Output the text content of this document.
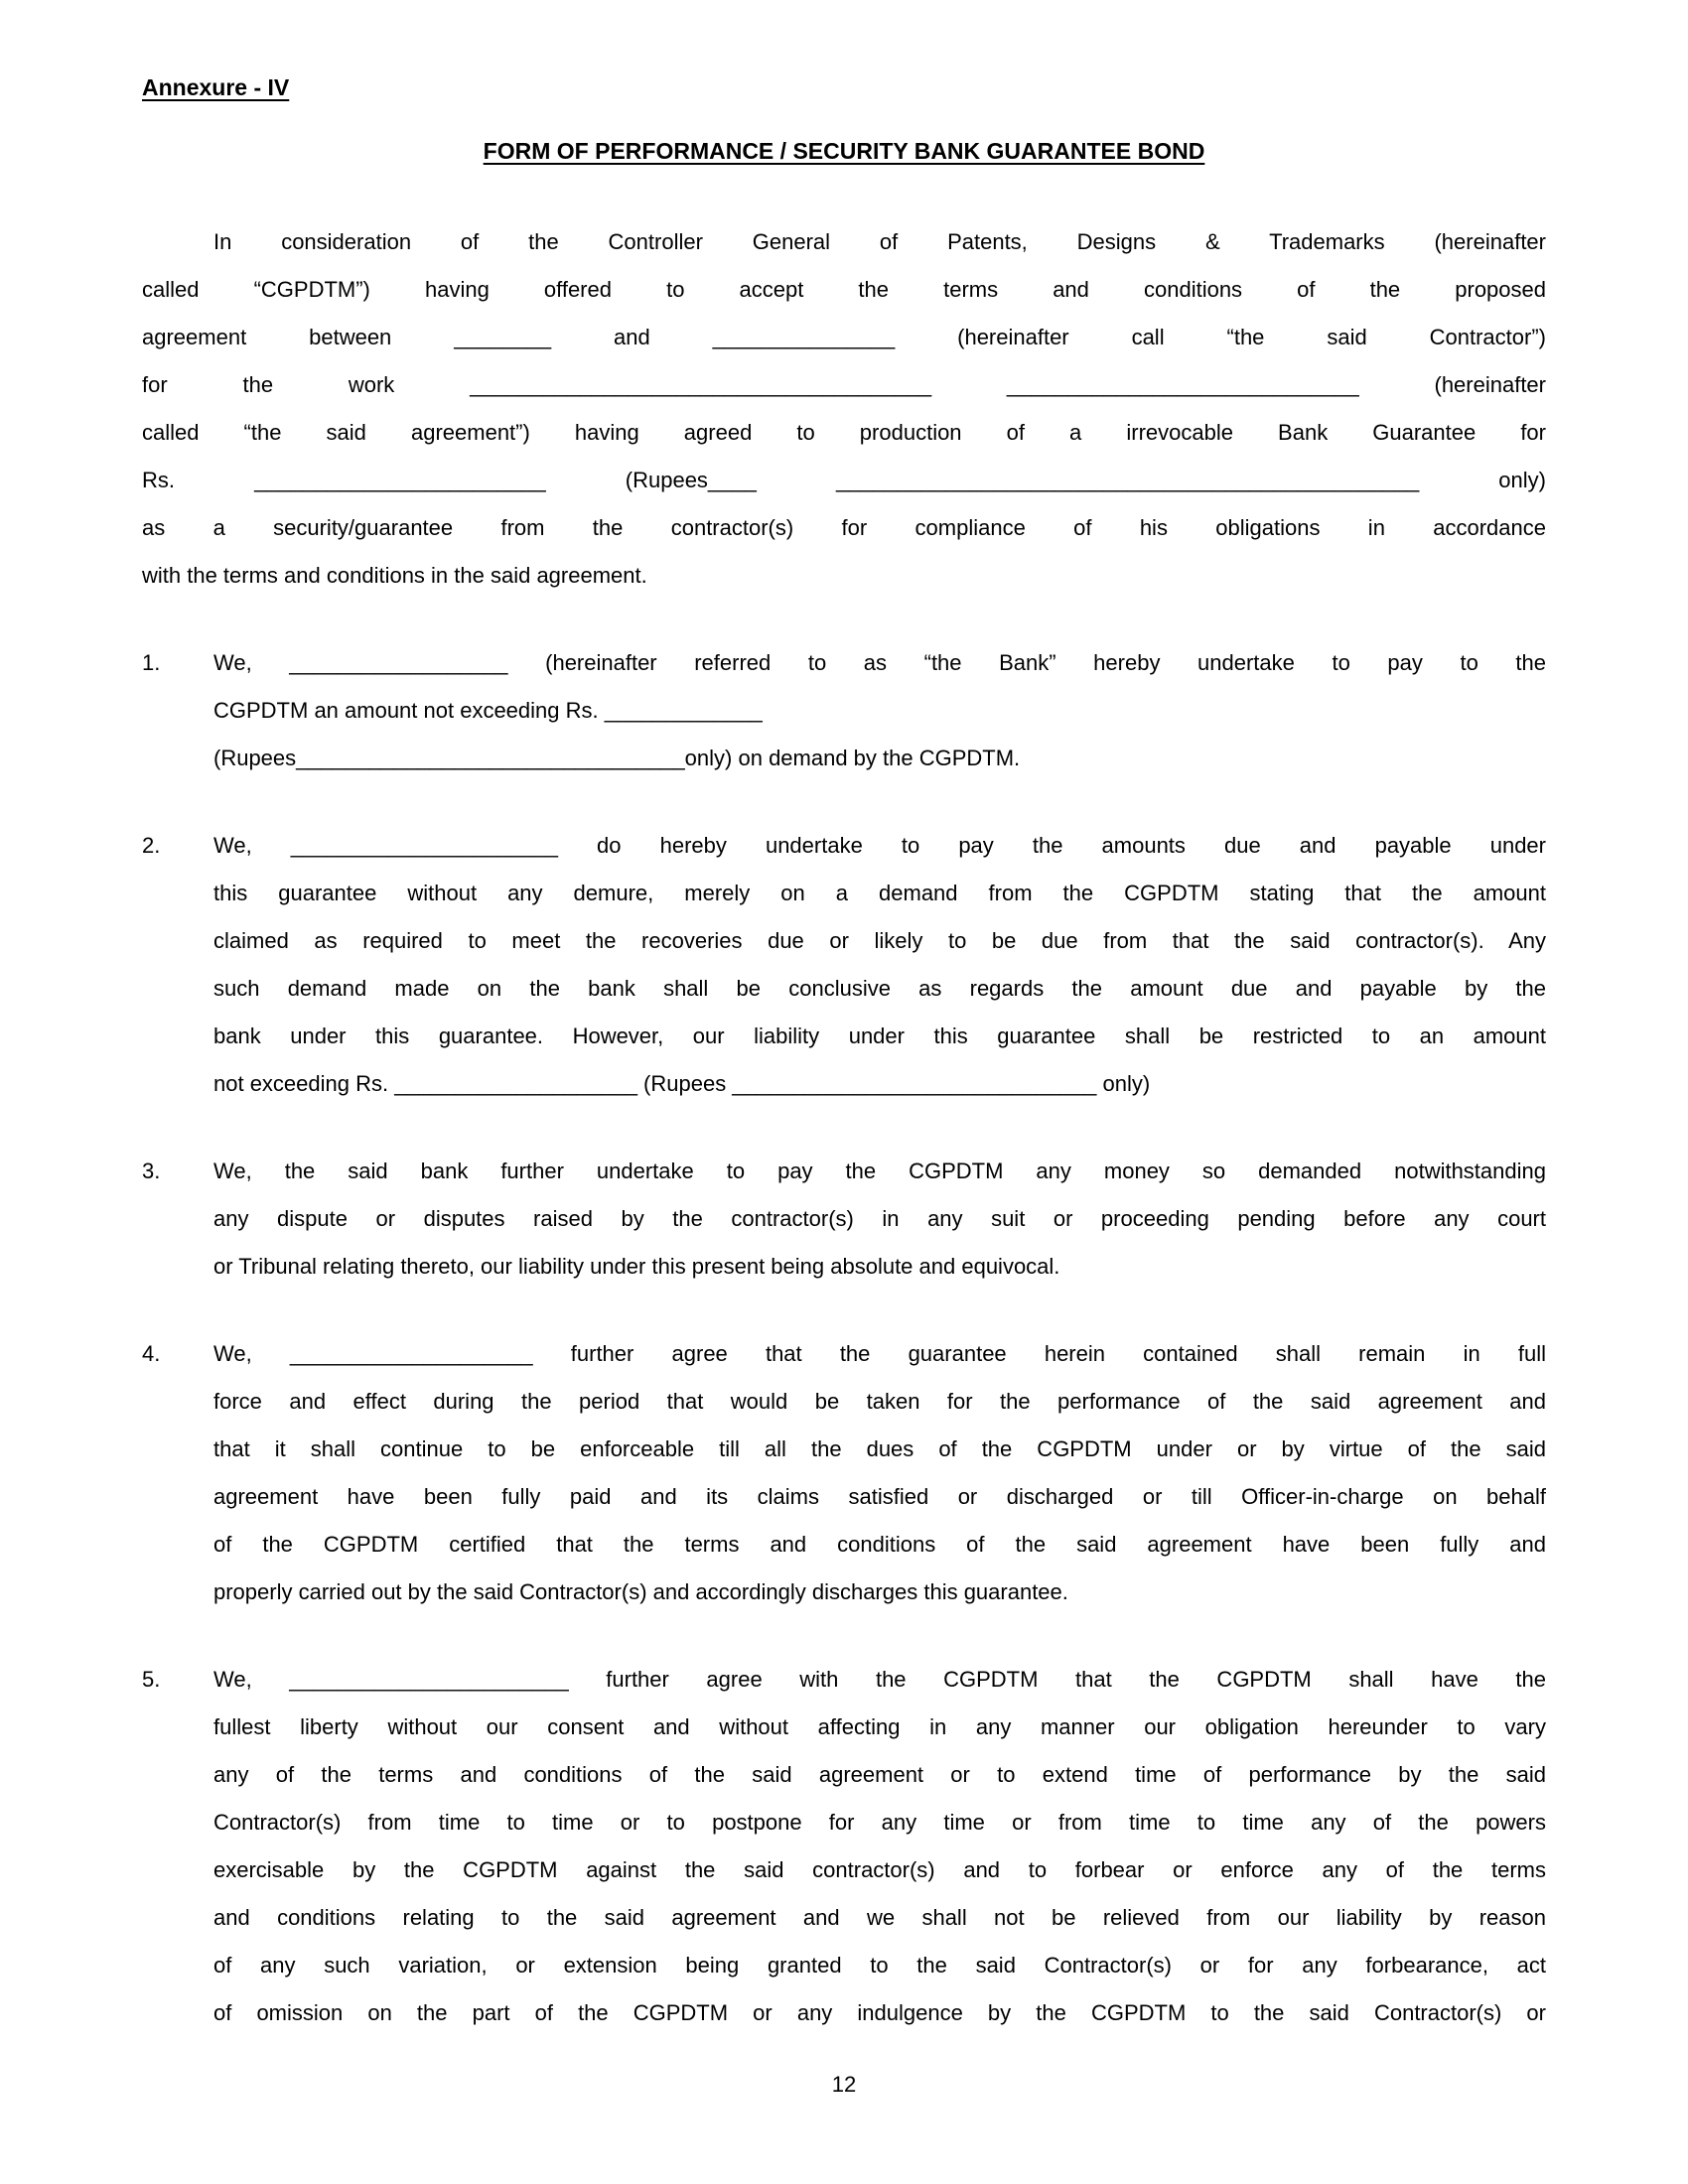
Annexure - IV
FORM OF PERFORMANCE / SECURITY BANK GUARANTEE BOND
In consideration of the Controller General of Patents, Designs & Trademarks (hereinafter
called “CGPDTM”) having offered to accept the terms and conditions of the proposed
agreement between ________ and _______________ (hereinafter call “the said Contractor”)
for the work ______________________________________ _____________________________ (hereinafter
called “the said agreement”) having agreed to production of a irrevocable Bank Guarantee for
Rs. ________________________ (Rupees____ ________________________________________________ only)
as a security/guarantee from the contractor(s) for compliance of his obligations in accordance
with the terms and conditions in the said agreement.
1.	We, __________________ (hereinafter referred to as “the Bank” hereby undertake to pay to the
CGPDTM an amount not exceeding Rs. _____________
(Rupees________________________________only) on demand by the CGPDTM.
2.	We, ______________________ do hereby undertake to pay the amounts due and payable under
this guarantee without any demure, merely on a demand from the CGPDTM stating that the amount
claimed as required to meet the recoveries due or likely to be due from that the said contractor(s). Any
such demand made on the bank shall be conclusive as regards the amount due and payable by the
bank under this guarantee. However, our liability under this guarantee shall be restricted to an amount
not exceeding Rs. ____________________ (Rupees ______________________________ only)
3.	We, the said bank further undertake to pay the CGPDTM any money so demanded notwithstanding
any dispute or disputes raised by the contractor(s) in any suit or proceeding pending before any court
or Tribunal relating thereto, our liability under this present being absolute and equivocal.
4.	We, ____________________ further agree that the guarantee herein contained shall remain in full
force and effect during the period that would be taken for the performance of the said agreement and
that it shall continue to be enforceable till all the dues of the CGPDTM under or by virtue of the said
agreement have been fully paid and its claims satisfied or discharged or till Officer-in-charge on behalf
of the CGPDTM certified that the terms and conditions of the said agreement have been fully and
properly carried out by the said Contractor(s) and accordingly discharges this guarantee.
5.	We, _______________________ further agree with the CGPDTM that the CGPDTM shall have the
fullest liberty without our consent and without affecting in any manner our obligation hereunder to vary
any of the terms and conditions of the said agreement or to extend time of performance by the said
Contractor(s) from time to time or to postpone for any time or from time to time any of the powers
exercisable by the CGPDTM against the said contractor(s) and to forbear or enforce any of the terms
and conditions relating to the said agreement and we shall not be relieved from our liability by reason
of any such variation, or extension being granted to the said Contractor(s) or for any forbearance, act
of omission on the part of the CGPDTM or any indulgence by the CGPDTM to the said Contractor(s) or
12
